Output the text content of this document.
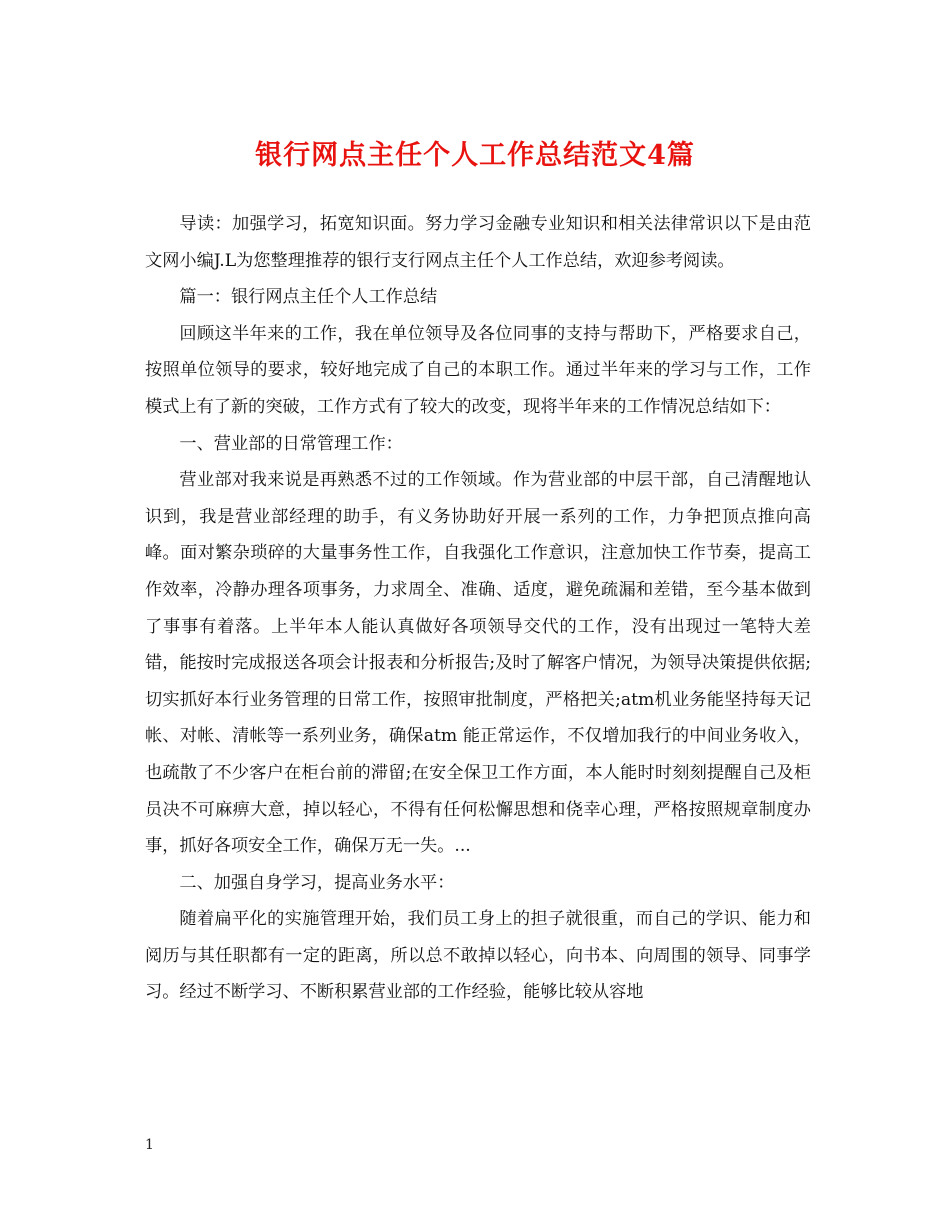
银行网点主任个人工作总结范文4篇

导读：加强学习，拓宽知识面。努力学习金融专业知识和相关法律常识以下是由范文网小编J.L为您整理推荐的银行支行网点主任个人工作总结，欢迎参考阅读。

篇一：银行网点主任个人工作总结

回顾这半年来的工作，我在单位领导及各位同事的支持与帮助下，严格要求自己，按照单位领导的要求，较好地完成了自己的本职工作。通过半年来的学习与工作，工作模式上有了新的突破，工作方式有了较大的改变，现将半年来的工作情况总结如下：

一、营业部的日常管理工作：

营业部对我来说是再熟悉不过的工作领域。作为营业部的中层干部，自己清醒地认识到，我是营业部经理的助手，有义务协助好开展一系列的工作，力争把顶点推向高峰。面对繁杂琐碎的大量事务性工作，自我强化工作意识，注意加快工作节奏，提高工作效率，冷静办理各项事务，力求周全、准确、适度，避免疏漏和差错，至今基本做到了事事有着落。上半年本人能认真做好各项领导交代的工作，没有出现过一笔特大差错，能按时完成报送各项会计报表和分析报告;及时了解客户情况，为领导决策提供依据;切实抓好本行业务管理的日常工作，按照审批制度，严格把关;atm机业务能坚持每天记帐、对帐、清帐等一系列业务，确保atm 能正常运作，不仅增加我行的中间业务收入，也疏散了不少客户在柜台前的滞留;在安全保卫工作方面，本人能时时刻刻提醒自己及柜员决不可麻痹大意，掉以轻心，不得有任何松懈思想和侥幸心理，严格按照规章制度办事，抓好各项安全工作，确保万无一失。...

二、加强自身学习，提高业务水平：

随着扁平化的实施管理开始，我们员工身上的担子就很重，而自己的学识、能力和阅历与其任职都有一定的距离，所以总不敢掉以轻心，向书本、向周围的领导、同事学习。经过不断学习、不断积累营业部的工作经验，能够比较从容地

1
